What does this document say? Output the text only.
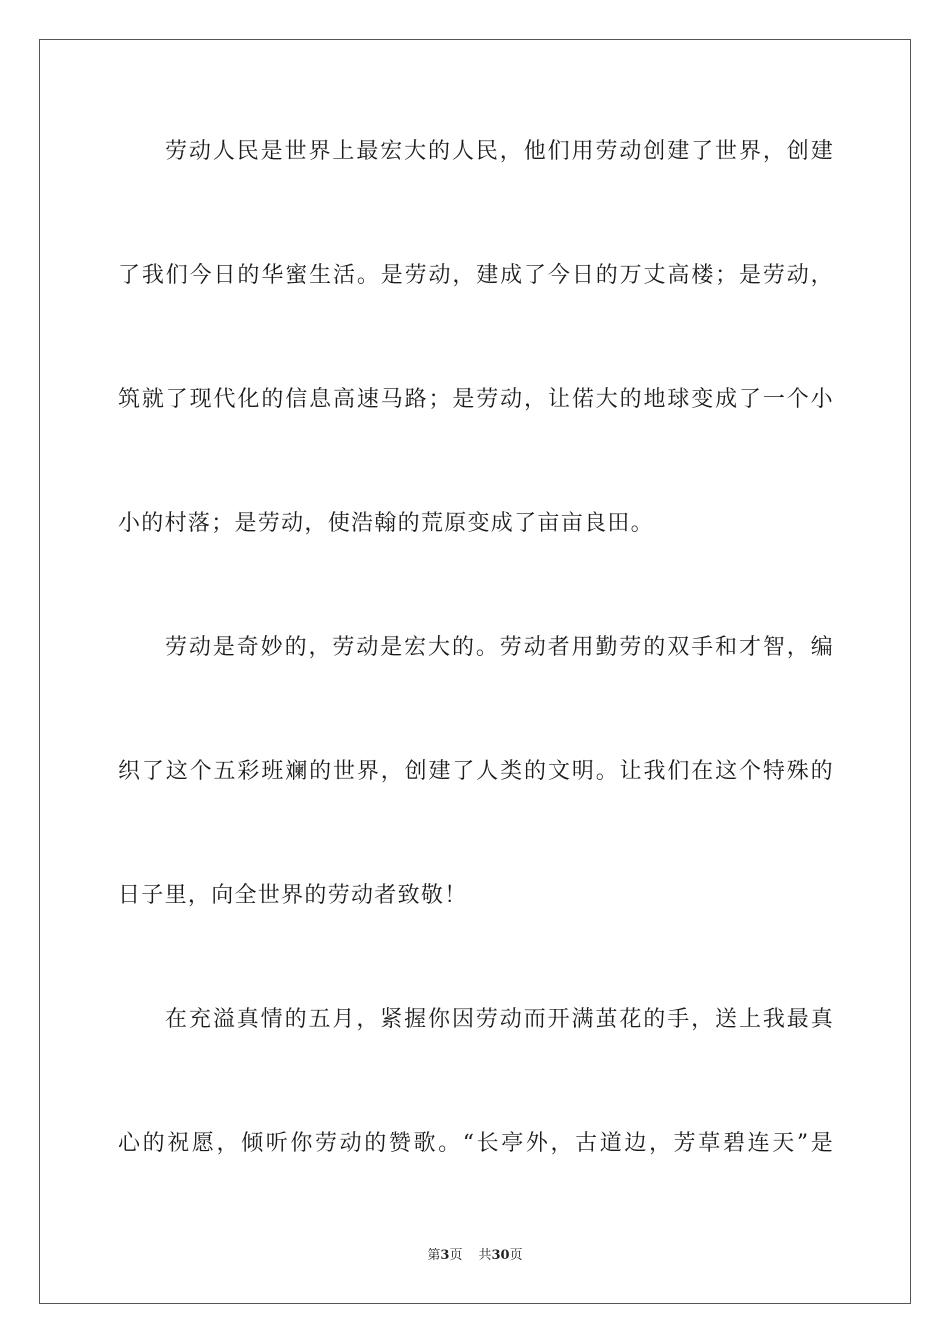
劳动人民是世界上最宏大的人民，他们用劳动创建了世界，创建
了我们今日的华蜜生活。是劳动，建成了今日的万丈高楼；是劳动，
筑就了现代化的信息高速马路；是劳动，让偌大的地球变成了一个小
小的村落；是劳动，使浩翰的荒原变成了亩亩良田。
劳动是奇妙的，劳动是宏大的。劳动者用勤劳的双手和才智，编
织了这个五彩班斓的世界，创建了人类的文明。让我们在这个特殊的
日子里，向全世界的劳动者致敬！
在充溢真情的五月，紧握你因劳动而开满茧花的手，送上我最真
心的祝愿，倾听你劳动的赞歌。“长亭外，古道边，芳草碧连天”是
第3页 共30页
